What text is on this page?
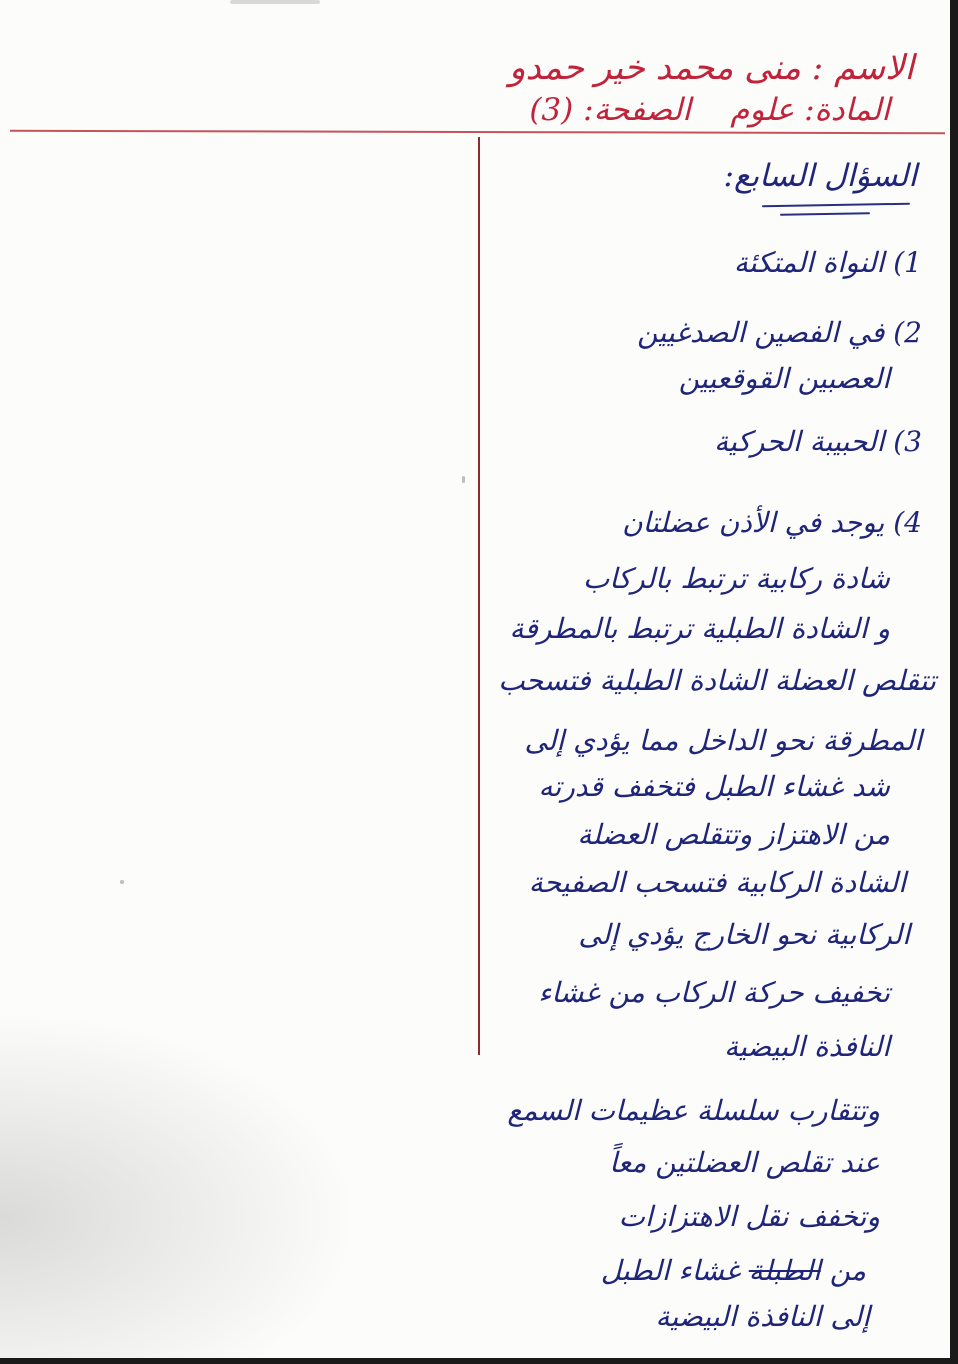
الاسم : منى محمد خير حمدو
المادة: علوم    الصفحة: (3)
السؤال السابع:
1) النواة المتكئة
2) في الفصين الصدغيين
العصبين القوقعيين
3) الحبيبة الحركية
4) يوجد في الأذن عضلتان
شادة ركابية ترتبط بالركاب
و الشادة الطبلية ترتبط بالمطرقة
تتقلص العضلة الشادة الطبلية فتسحب
المطرقة نحو الداخل مما يؤدي إلى
شد غشاء الطبل فتخفف قدرته
من الاهتزاز وتتقلص العضلة
الشادة الركابية فتسحب الصفيحة
الركابية نحو الخارج يؤدي إلى
تخفيف حركة الركاب من غشاء
النافذة البيضية
وتتقارب سلسلة عظيمات السمع
عند تقلص العضلتين معاً
وتخفف نقل الاهتزازات
من الطبلة غشاء الطبل
إلى النافذة البيضية
